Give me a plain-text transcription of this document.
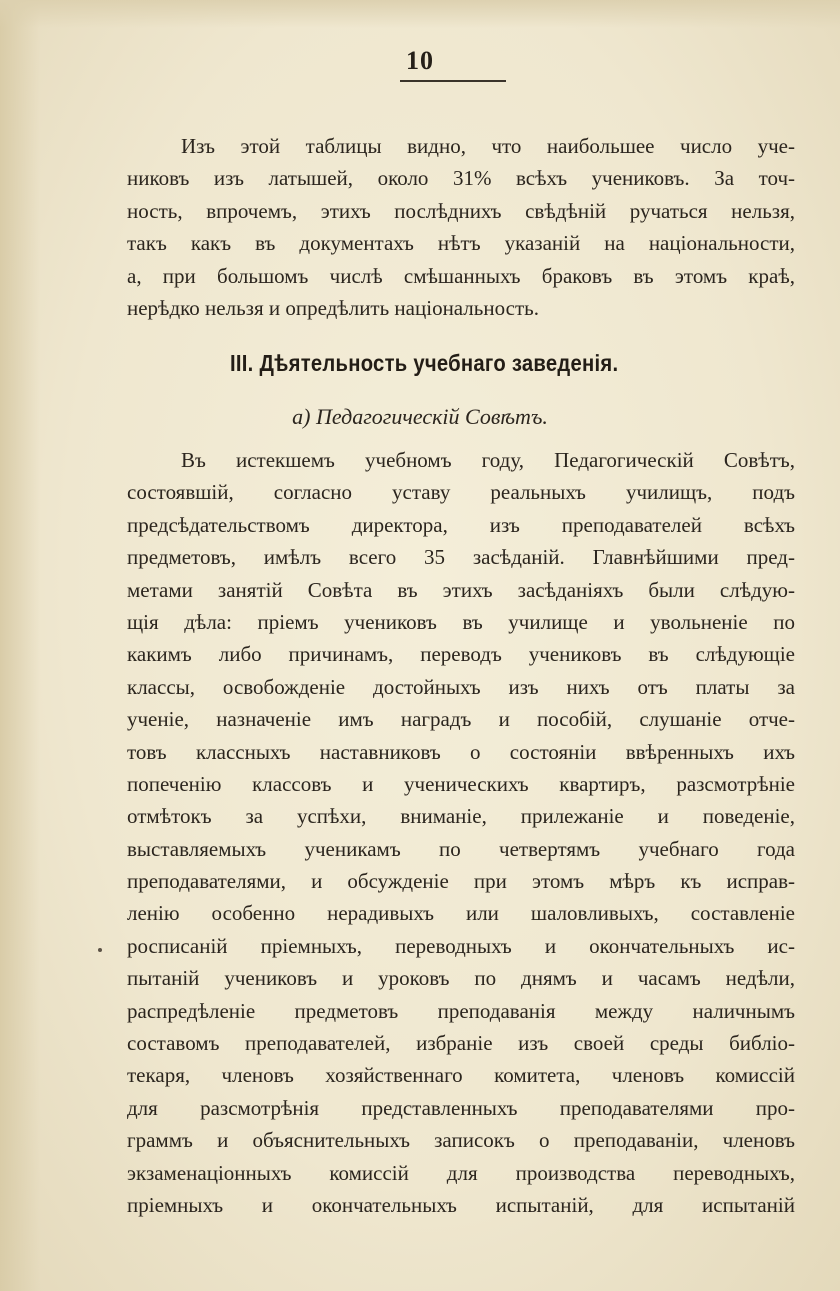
10
Изъ этой таблицы видно, что наибольшее число уче-
никовъ изъ латышей, около 31% всѣхъ учениковъ. За точ-
ность, впрочемъ, этихъ послѣднихъ свѣдѣній ручаться нельзя,
такъ какъ въ документахъ нѣтъ указаній на національности,
а, при большомъ числѣ смѣшанныхъ браковъ въ этомъ краѣ,
нерѣдко нельзя и опредѣлить національность.
III. Дѣятельность учебнаго заведенія.
а) Педагогическій Совѣтъ.
Въ истекшемъ учебномъ году, Педагогическій Совѣтъ,
состоявшій, согласно уставу реальныхъ училищъ, подъ
предсѣдательствомъ директора, изъ преподавателей всѣхъ
предметовъ, имѣлъ всего 35 засѣданій. Главнѣйшими пред-
метами занятій Совѣта въ этихъ засѣданіяхъ были слѣдую-
щія дѣла: пріемъ учениковъ въ училище и увольненіе по
какимъ либо причинамъ, переводъ учениковъ въ слѣдующіе
классы, освобожденіе достойныхъ изъ нихъ отъ платы за
ученіе, назначеніе имъ наградъ и пособій, слушаніе отче-
товъ классныхъ наставниковъ о состояніи ввѣренныхъ ихъ
попеченію классовъ и ученическихъ квартиръ, разсмотрѣніе
отмѣтокъ за успѣхи, вниманіе, прилежаніе и поведеніе,
выставляемыхъ ученикамъ по четвертямъ учебнаго года
преподавателями, и обсужденіе при этомъ мѣръ къ исправ-
ленію особенно нерадивыхъ или шаловливыхъ, составленіе
росписаній пріемныхъ, переводныхъ и окончательныхъ ис-
пытаній учениковъ и уроковъ по днямъ и часамъ недѣли,
распредѣленіе предметовъ преподаванія между наличнымъ
составомъ преподавателей, избраніе изъ своей среды библіо-
текаря, членовъ хозяйственнаго комитета, членовъ комиссій
для разсмотрѣнія представленныхъ преподавателями про-
граммъ и объяснительныхъ записокъ о преподаваніи, членовъ
экзаменаціонныхъ комиссій для производства переводныхъ,
пріемныхъ и окончательныхъ испытаній, для испытаній
